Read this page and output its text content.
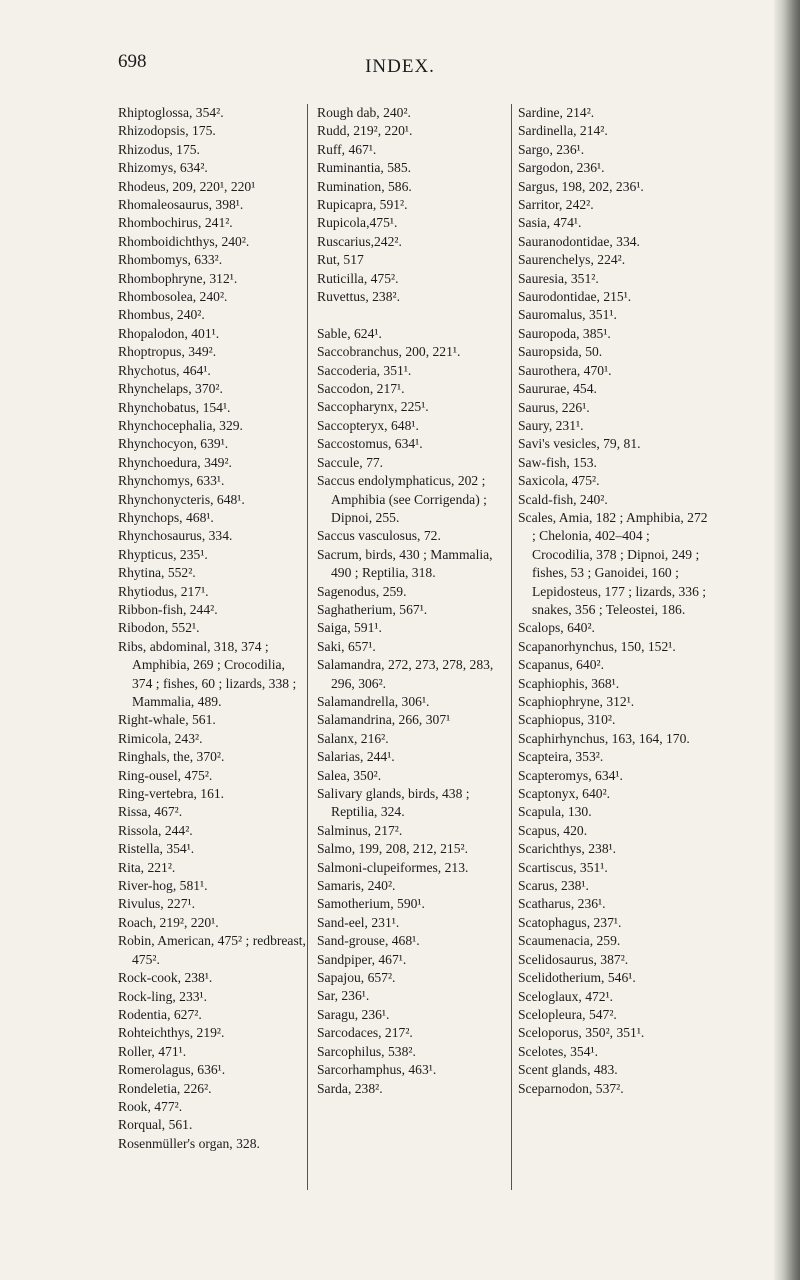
698	INDEX.
Rhiptoglossa, 354².
Rhizodopsis, 175.
Rhizodus, 175.
Rhizomys, 634².
Rhodeus, 209, 220¹, 220¹
Rhomaleosaurus, 398¹.
Rhombochirus, 241².
Rhomboidichthys, 240².
Rhombomys, 633².
Rhombophryne, 312¹.
Rhombosolea, 240².
Rhombus, 240².
Rhopalodon, 401¹.
Rhoptropus, 349².
Rhychotus, 464¹.
Rhynchelaps, 370².
Rhynchobatus, 154¹.
Rhynchocephalia, 329.
Rhynchocyon, 639¹.
Rhynchoedura, 349².
Rhynchomys, 633¹.
Rhynchonycteris, 648¹.
Rhynchops, 468¹.
Rhynchosaurus, 334.
Rhypticus, 235¹.
Rhytina, 552².
Rhytiodus, 217¹.
Ribbon-fish, 244².
Ribodon, 552¹.
Ribs, abdominal, 318, 374 ; Amphibia, 269 ; Crocodilia, 374 ; fishes, 60 ; lizards, 338 ; Mammalia, 489.
Right-whale, 561.
Rimicola, 243².
Ringhals, the, 370².
Ring-ousel, 475².
Ring-vertebra, 161.
Rissa, 467².
Rissola, 244².
Ristella, 354¹.
Rita, 221².
River-hog, 581¹.
Rivulus, 227¹.
Roach, 219², 220¹.
Robin, American, 475² ; redbreast, 475².
Rock-cook, 238¹.
Rock-ling, 233¹.
Rodentia, 627².
Rohteichthys, 219².
Roller, 471¹.
Romerolagus, 636¹.
Rondeletia, 226².
Rook, 477².
Rorqual, 561.
Rosenmüller's organ, 328.
Rough dab, 240².
Rudd, 219², 220¹.
Ruff, 467¹.
Ruminantia, 585.
Rumination, 586.
Rupicapra, 591².
Rupicola,475¹.
Ruscarius,242².
Rut, 517
Ruticilla, 475².
Ruvettus, 238².
Sable, 624¹.
Saccobranchus, 200, 221¹.
Saccoderia, 351¹.
Saccodon, 217¹.
Saccopharynx, 225¹.
Saccopteryx, 648¹.
Saccostomus, 634¹.
Saccule, 77.
Saccus endolymphaticus, 202 ; Amphibia (see Corrigenda) ; Dipnoi, 255.
Saccus vasculosus, 72.
Sacrum, birds, 430 ; Mammalia, 490 ; Reptilia, 318.
Sagenodus, 259.
Saghatherium, 567¹.
Saiga, 591¹.
Saki, 657¹.
Salamandra, 272, 273, 278, 283, 296, 306².
Salamandrella, 306¹.
Salamandrina, 266, 307¹
Salanx, 216².
Salarias, 244¹.
Salea, 350².
Salivary glands, birds, 438 ; Reptilia, 324.
Salminus, 217².
Salmo, 199, 208, 212, 215².
Salmoni-clupeiformes, 213.
Samaris, 240².
Samotherium, 590¹.
Sand-eel, 231¹.
Sand-grouse, 468¹.
Sandpiper, 467¹.
Sapajou, 657².
Sar, 236¹.
Saragu, 236¹.
Sarcodaces, 217².
Sarcophilus, 538².
Sarcorhamphus, 463¹.
Sarda, 238².
Sardine, 214².
Sardinella, 214².
Sargo, 236¹.
Sargodon, 236¹.
Sargus, 198, 202, 236¹.
Sarritor, 242².
Sasia, 474¹.
Sauranodontidae, 334.
Saurenchelys, 224².
Sauresia, 351².
Saurodontidae, 215¹.
Sauromalus, 351¹.
Sauropoda, 385¹.
Sauropsida, 50.
Saurothera, 470¹.
Saururae, 454.
Saurus, 226¹.
Saury, 231¹.
Savi's vesicles, 79, 81.
Saw-fish, 153.
Saxicola, 475².
Scald-fish, 240².
Scales, Amia, 182 ; Amphibia, 272 ; Chelonia, 402–404 ; Crocodilia, 378 ; Dipnoi, 249 ; fishes, 53 ; Ganoidei, 160 ; Lepidosteus, 177 ; lizards, 336 ; snakes, 356 ; Teleostei, 186.
Scalops, 640².
Scapanorhynchus, 150, 152¹.
Scapanus, 640².
Scaphiophis, 368¹.
Scaphiophryne, 312¹.
Scaphiopus, 310².
Scaphirhynchus, 163, 164, 170.
Scapteira, 353².
Scapteromys, 634¹.
Scaptonyx, 640².
Scapula, 130.
Scapus, 420.
Scarichthys, 238¹.
Scartiscus, 351¹.
Scarus, 238¹.
Scatharus, 236¹.
Scatophagus, 237¹.
Scaumenacia, 259.
Scelidosaurus, 387².
Scelidotherium, 546¹.
Sceloglaux, 472¹.
Scelopleura, 547².
Sceloporus, 350², 351¹.
Scelotes, 354¹.
Scent glands, 483.
Sceparnodon, 537².
